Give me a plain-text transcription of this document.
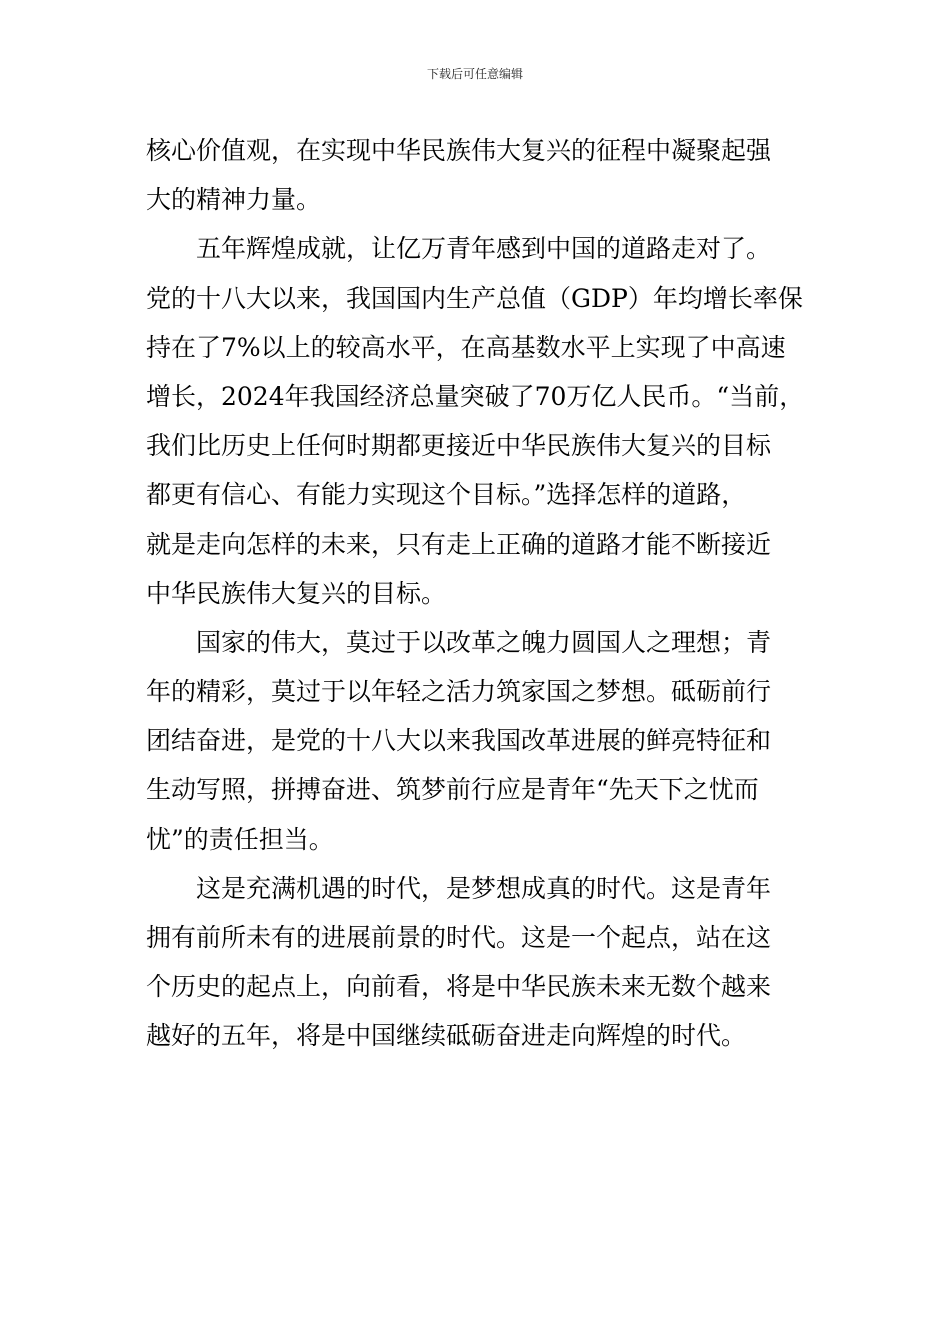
下载后可任意编辑
核心价值观，在实现中华民族伟大复兴的征程中凝聚起强
大的精神力量。
五年辉煌成就，让亿万青年感到中国的道路走对了。
党的十八大以来，我国国内生产总值（GDP）年均增长率保
持在了7%以上的较高水平，在高基数水平上实现了中高速
增长，2024年我国经济总量突破了70万亿人民币。“当前，
我们比历史上任何时期都更接近中华民族伟大复兴的目标
都更有信心、有能力实现这个目标。”选择怎样的道路，
就是走向怎样的未来，只有走上正确的道路才能不断接近
中华民族伟大复兴的目标。
国家的伟大，莫过于以改革之魄力圆国人之理想；青
年的精彩，莫过于以年轻之活力筑家国之梦想。砥砺前行
团结奋进，是党的十八大以来我国改革进展的鲜亮特征和
生动写照，拼搏奋进、筑梦前行应是青年“先天下之忧而
忧”的责任担当。
这是充满机遇的时代，是梦想成真的时代。这是青年
拥有前所未有的进展前景的时代。这是一个起点，站在这
个历史的起点上，向前看，将是中华民族未来无数个越来
越好的五年，将是中国继续砥砺奋进走向辉煌的时代。
